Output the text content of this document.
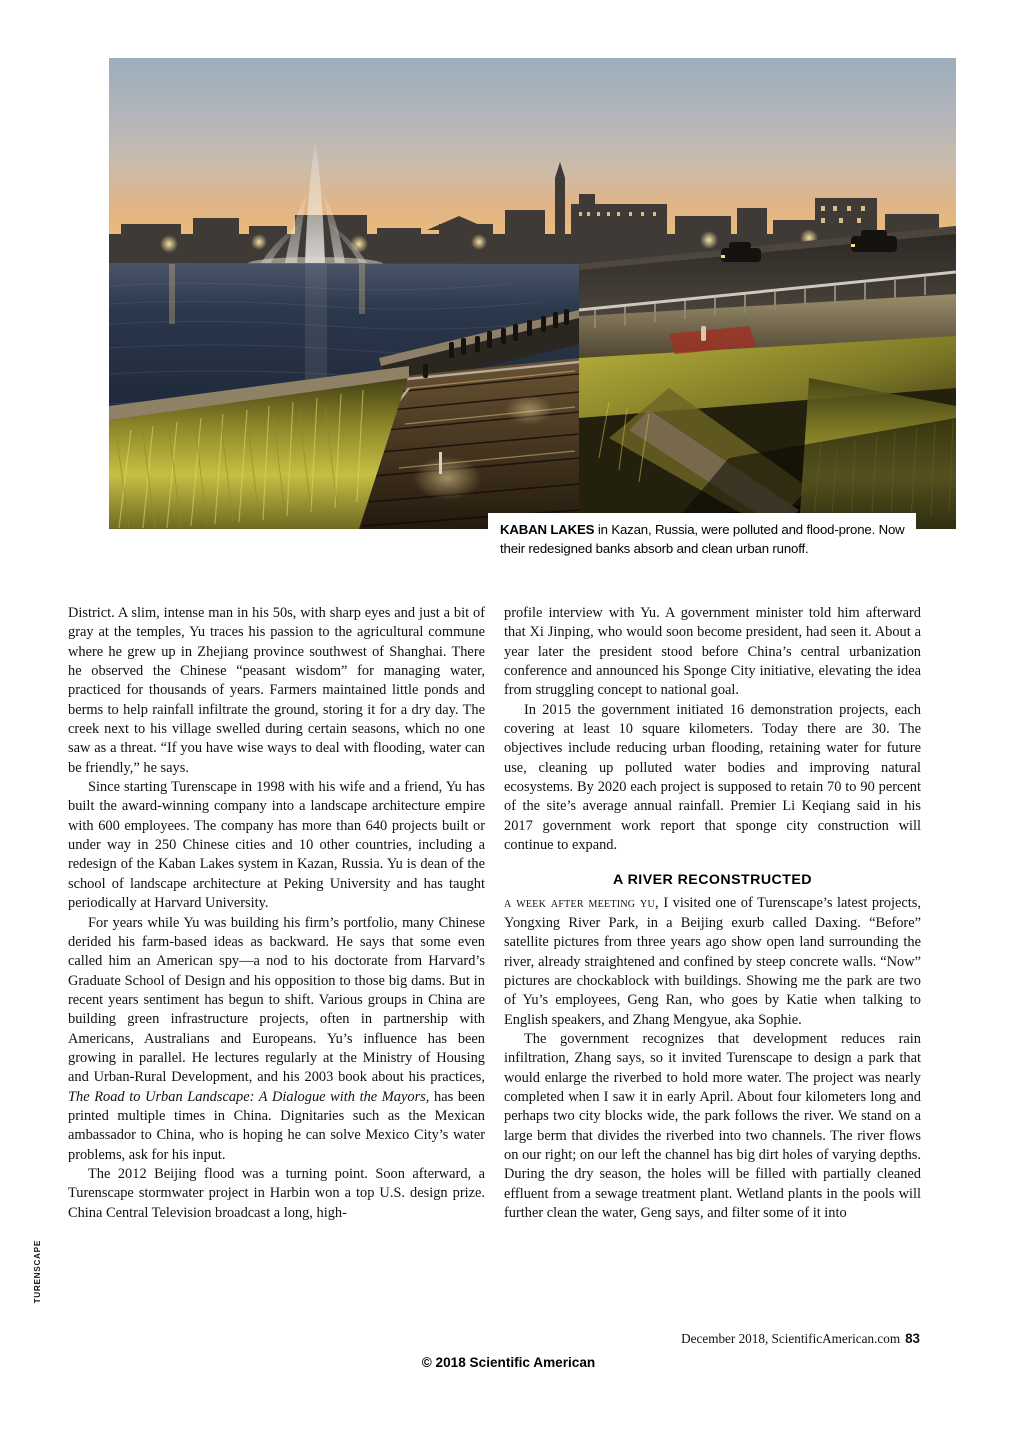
KABAN LAKES in Kazan, Russia, were polluted and flood-prone. Now their redesigned banks absorb and clean urban runoff.

District. A slim, intense man in his 50s, with sharp eyes and just a bit of gray at the temples, Yu traces his passion to the agricultural commune where he grew up in Zhejiang province southwest of Shanghai. There he observed the Chinese “peasant wisdom” for managing water, practiced for thousands of years. Farmers maintained little ponds and berms to help rainfall infiltrate the ground, storing it for a dry day. The creek next to his village swelled during certain seasons, which no one saw as a threat. “If you have wise ways to deal with flooding, water can be friendly,” he says.

Since starting Turenscape in 1998 with his wife and a friend, Yu has built the award-winning company into a landscape architecture empire with 600 employees. The company has more than 640 projects built or under way in 250 Chinese cities and 10 other countries, including a redesign of the Kaban Lakes system in Kazan, Russia. Yu is dean of the school of landscape architecture at Peking University and has taught periodically at Harvard University.

For years while Yu was building his firm’s portfolio, many Chinese derided his farm-based ideas as backward. He says that some even called him an American spy—a nod to his doctorate from Harvard’s Graduate School of Design and his opposition to those big dams. But in recent years sentiment has begun to shift. Various groups in China are building green infrastructure projects, often in partnership with Americans, Australians and Europeans. Yu’s influence has been growing in parallel. He lectures regularly at the Ministry of Housing and Urban-Rural Development, and his 2003 book about his practices, The Road to Urban Landscape: A Dialogue with the Mayors, has been printed multiple times in China. Dignitaries such as the Mexican ambassador to China, who is hoping he can solve Mexico City’s water problems, ask for his input.

The 2012 Beijing flood was a turning point. Soon afterward, a Turenscape stormwater project in Harbin won a top U.S. design prize. China Central Television broadcast a long, high-

profile interview with Yu. A government minister told him afterward that Xi Jinping, who would soon become president, had seen it. About a year later the president stood before China’s central urbanization conference and announced his Sponge City initiative, elevating the idea from struggling concept to national goal.

In 2015 the government initiated 16 demonstration projects, each covering at least 10 square kilometers. Today there are 30. The objectives include reducing urban flooding, retaining water for future use, cleaning up polluted water bodies and improving natural ecosystems. By 2020 each project is supposed to retain 70 to 90 percent of the site’s average annual rainfall. Premier Li Keqiang said in his 2017 government work report that sponge city construction will continue to expand.

A RIVER RECONSTRUCTED

a week after meeting yu, I visited one of Turenscape’s latest projects, Yongxing River Park, in a Beijing exurb called Daxing. “Before” satellite pictures from three years ago show open land surrounding the river, already straightened and confined by steep concrete walls. “Now” pictures are chockablock with buildings. Showing me the park are two of Yu’s employees, Geng Ran, who goes by Katie when talking to English speakers, and Zhang Mengyue, aka Sophie.

The government recognizes that development reduces rain infiltration, Zhang says, so it invited Turenscape to design a park that would enlarge the riverbed to hold more water. The project was nearly completed when I saw it in early April. About four kilometers long and perhaps two city blocks wide, the park follows the river. We stand on a large berm that divides the riverbed into two channels. The river flows on our right; on our left the channel has big dirt holes of varying depths. During the dry season, the holes will be filled with partially cleaned effluent from a sewage treatment plant. Wetland plants in the pools will further clean the water, Geng says, and filter some of it into

TURENSCAPE
December 2018, ScientificAmerican.com 83
© 2018 Scientific American
